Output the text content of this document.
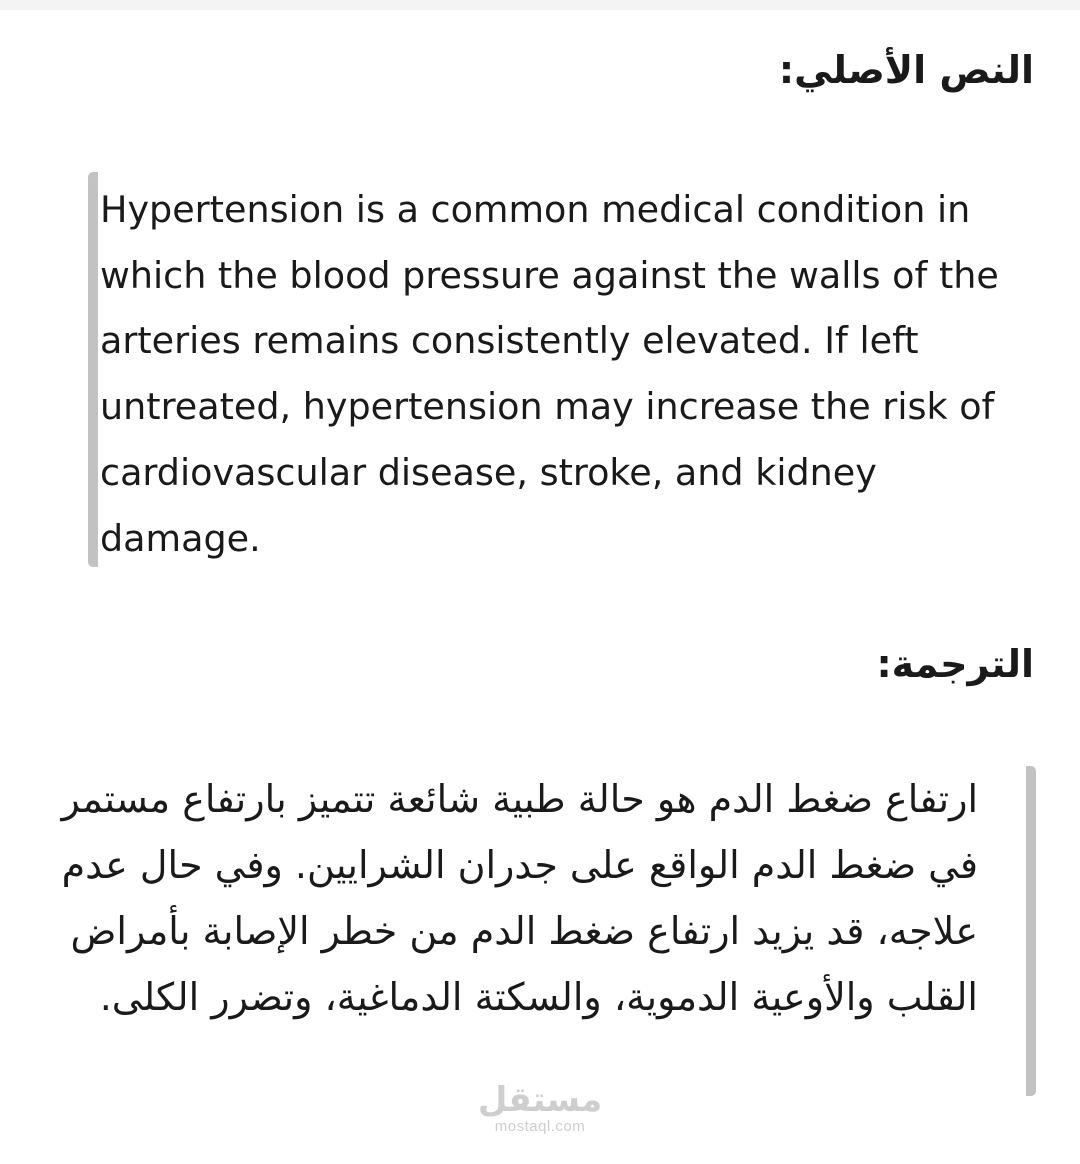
النص الأصلي:
Hypertension is a common medical condition in which the blood pressure against the walls of the arteries remains consistently elevated. If left untreated, hypertension may increase the risk of cardiovascular disease, stroke, and kidney damage.
الترجمة:
ارتفاع ضغط الدم هو حالة طبية شائعة تتميز بارتفاع مستمر في ضغط الدم الواقع على جدران الشرايين. وفي حال عدم علاجه، قد يزيد ارتفاع ضغط الدم من خطر الإصابة بأمراض القلب والأوعية الدموية، والسكتة الدماغية، وتضرر الكلى.
مستقل
mostaql.com
